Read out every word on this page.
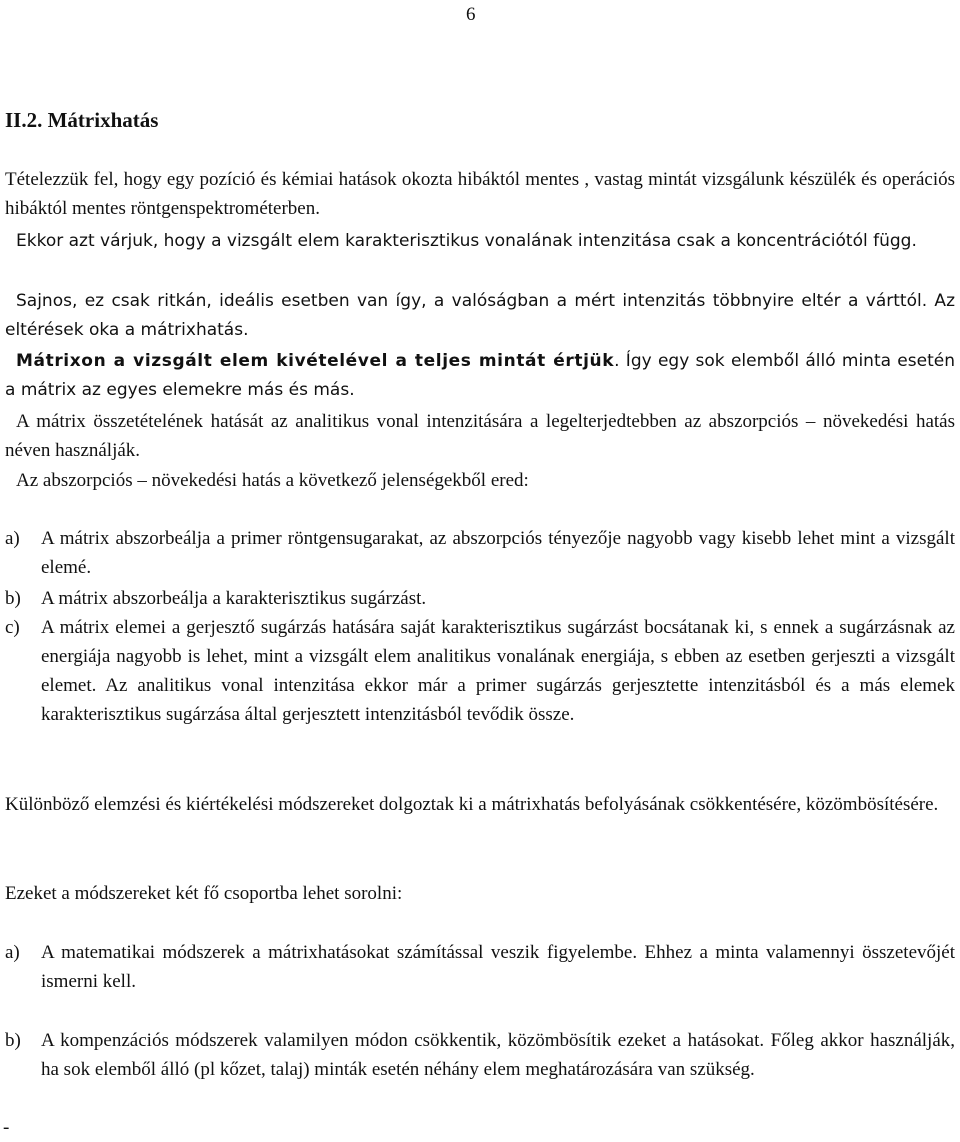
6
II.2. Mátrixhatás
Tételezzük fel, hogy egy pozíció és kémiai hatások okozta hibáktól mentes , vastag mintát vizsgálunk készülék és operációs hibáktól mentes röntgenspektrométerben.
Ekkor azt várjuk, hogy a vizsgált elem karakterisztikus vonalának intenzitása csak a koncentrációtól függ.
Sajnos, ez csak ritkán, ideális esetben van így, a valóságban a mért intenzitás többnyire eltér a várttól. Az eltérések oka a mátrixhatás.
Mátrixon a vizsgált elem kivételével a teljes mintát értjük. Így egy sok elemből álló minta esetén a mátrix az egyes elemekre más és más.
A mátrix összetételének hatását az analitikus vonal intenzitására a legelterjedtebben az abszorpciós – növekedési hatás néven használják.
Az abszorpciós – növekedési hatás a következő jelenségekből ered:
a) A mátrix abszorbeálja a primer röntgensugarakat, az abszorpciós tényezője nagyobb vagy kisebb lehet mint a vizsgált elemé.
b) A mátrix abszorbeálja a karakterisztikus sugárzást.
c) A mátrix elemei a gerjesztő sugárzás hatására saját karakterisztikus sugárzást bocsátanak ki, s ennek a sugárzásnak az energiája nagyobb is lehet, mint a vizsgált elem analitikus vonalának energiája, s ebben az esetben gerjeszti a vizsgált elemet. Az analitikus vonal intenzitása ekkor már a primer sugárzás gerjesztette intenzitásból és a más elemek karakterisztikus sugárzása által gerjesztett intenzitásból tevődik össze.
Különböző elemzési és kiértékelési módszereket dolgoztak ki a mátrixhatás befolyásának csökkentésére, közömbösítésére.
Ezeket a módszereket két fő csoportba lehet sorolni:
a) A matematikai módszerek a mátrixhatásokat számítással veszik figyelembe. Ehhez a minta valamennyi összetevőjét ismerni kell.
b) A kompenzációs módszerek valamilyen módon csökkentik, közömbösítik ezeket a hatásokat. Főleg akkor használják, ha sok elemből álló (pl kőzet, talaj) minták esetén néhány elem meghatározására van szükség.
-
